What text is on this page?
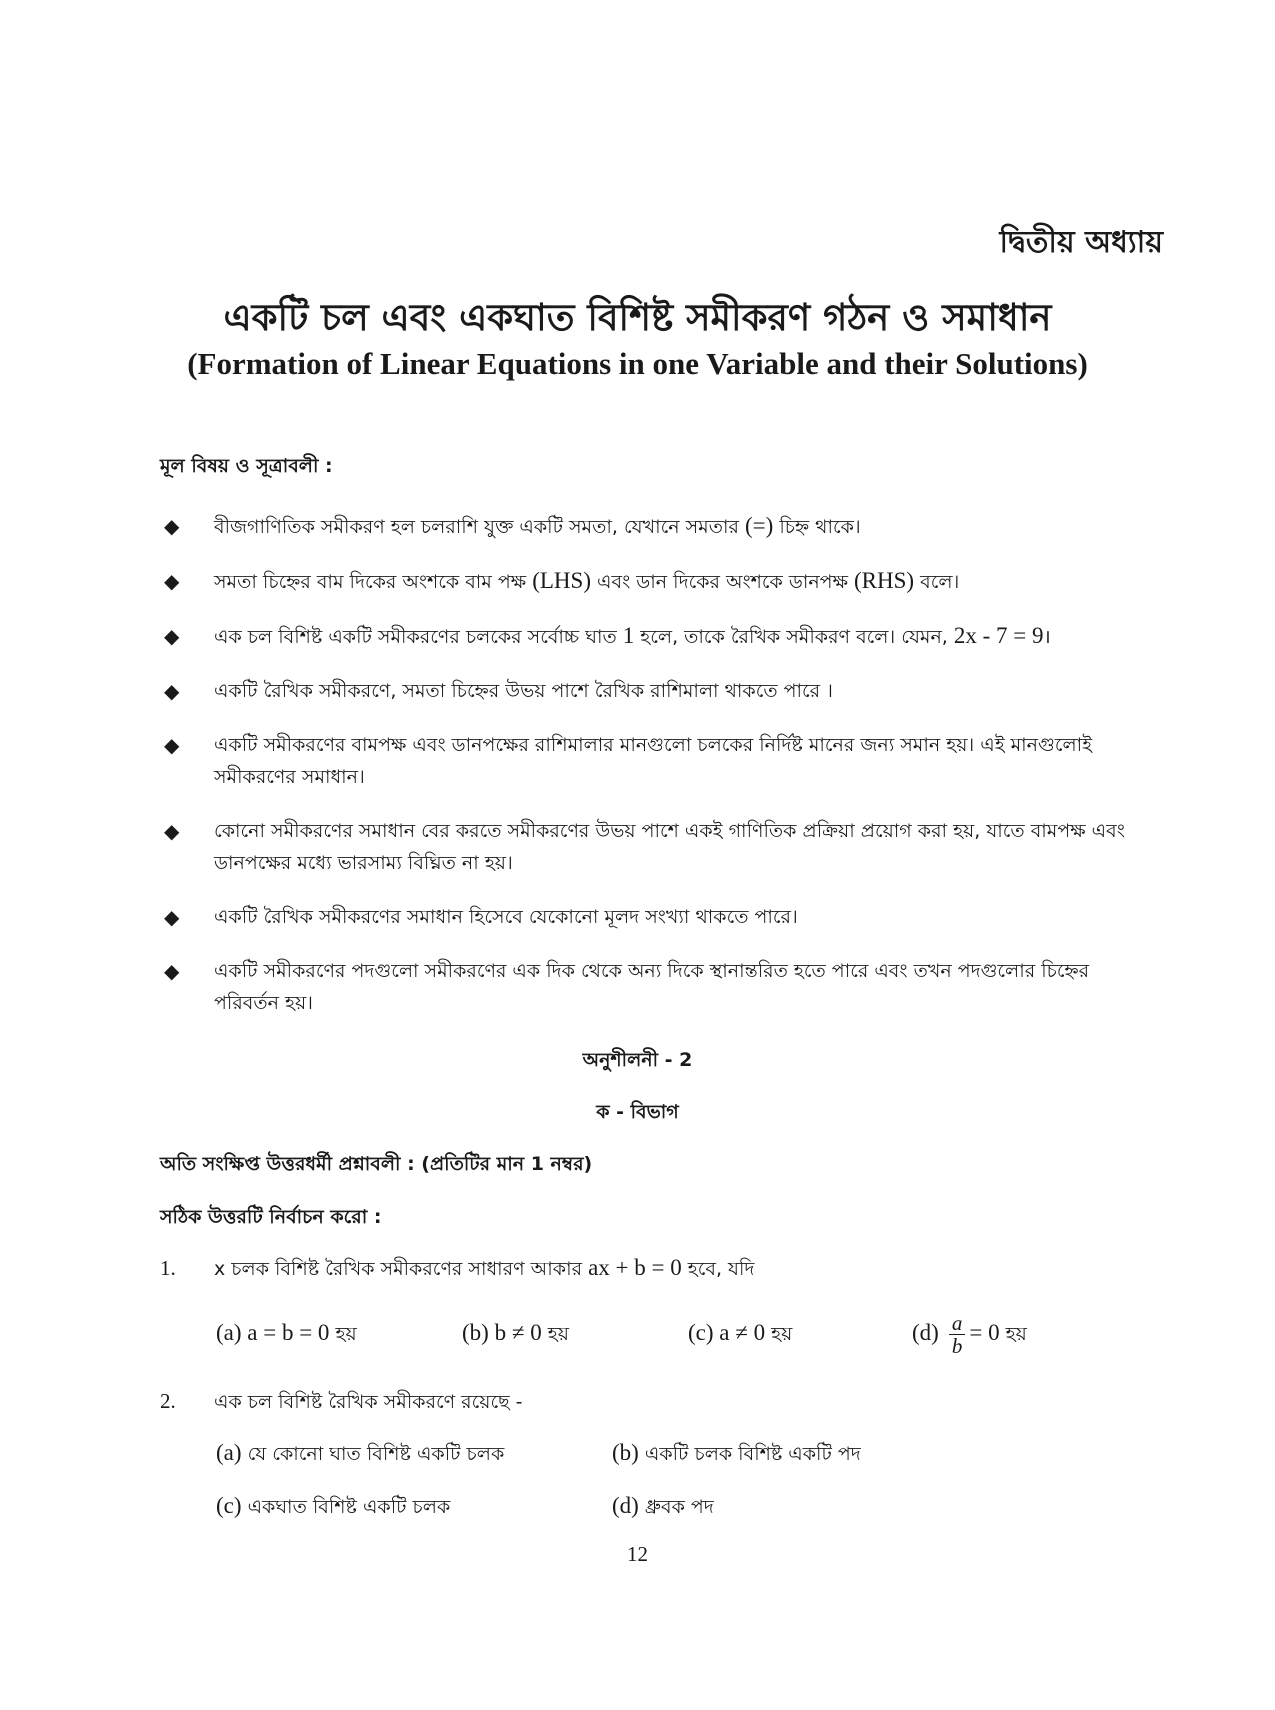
দ্বিতীয় অধ্যায়
একটি চল এবং একঘাত বিশিষ্ট সমীকরণ গঠন ও সমাধান
(Formation of Linear Equations in one Variable and their Solutions)
মূল বিষয় ও সূত্রাবলী :
◆ বীজগাণিতিক সমীকরণ হল চলরাশি যুক্ত একটি সমতা, যেখানে সমতার (=) চিহ্ন থাকে।
◆ সমতা চিহ্নের বাম দিকের অংশকে বাম পক্ষ (LHS) এবং ডান দিকের অংশকে ডানপক্ষ (RHS) বলে।
◆ এক চল বিশিষ্ট একটি সমীকরণের চলকের সর্বোচ্চ ঘাত 1 হলে, তাকে রৈখিক সমীকরণ বলে। যেমন, 2x - 7 = 9।
◆ একটি রৈখিক সমীকরণে, সমতা চিহ্নের উভয় পাশে রৈখিক রাশিমালা থাকতে পারে ।
◆ একটি সমীকরণের বামপক্ষ এবং ডানপক্ষের রাশিমালার মানগুলো চলকের নির্দিষ্ট মানের জন্য সমান হয়। এই মানগুলোই সমীকরণের সমাধান।
◆ কোনো সমীকরণের সমাধান বের করতে সমীকরণের উভয় পাশে একই গাণিতিক প্রক্রিয়া প্রয়োগ করা হয়, যাতে বামপক্ষ এবং ডানপক্ষের মধ্যে ভারসাম্য বিঘ্নিত না হয়।
◆ একটি রৈখিক সমীকরণের সমাধান হিসেবে যেকোনো মূলদ সংখ্যা থাকতে পারে।
◆ একটি সমীকরণের পদগুলো সমীকরণের এক দিক থেকে অন্য দিকে স্থানান্তরিত হতে পারে এবং তখন পদগুলোর চিহ্নের পরিবর্তন হয়।
অনুশীলনী - 2
ক - বিভাগ
অতি সংক্ষিপ্ত উত্তরধর্মী প্রশ্নাবলী : (প্রতিটির মান 1 নম্বর)
সঠিক উত্তরটি নির্বাচন করো :
1. x চলক বিশিষ্ট রৈখিক সমীকরণের সাধারণ আকার ax + b = 0 হবে, যদি
(a) a = b = 0 হয়	(b) b ≠ 0 হয়	(c) a ≠ 0 হয়	$(d) \frac{a}{b} = 0$ হয়
2. এক চল বিশিষ্ট রৈখিক সমীকরণে রয়েছে -
(a) যে কোনো ঘাত বিশিষ্ট একটি চলক	(b) একটি চলক বিশিষ্ট একটি পদ
(c) একঘাত বিশিষ্ট একটি চলক	(d) ধ্রুবক পদ
12
